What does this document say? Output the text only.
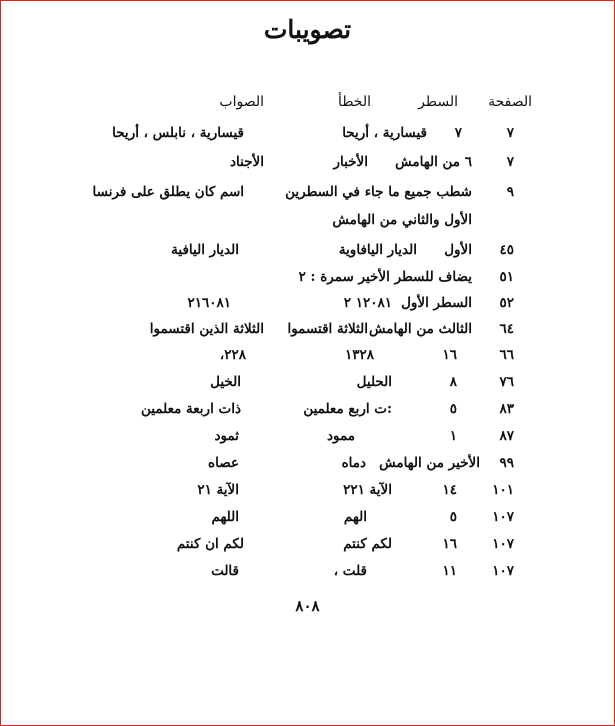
تصويبات
الصفحة
السطر
الخطأ
الصواب
٧
٧
قيسارية ، أريحا
قيسارية ، نابلس ، أريحا
٧
٦ من الهامش
الأخبار
الأجناد
٩
شطب جميع ما جاء في السطرين
الأول والثاني من الهامش
اسم كان يطلق على فرنسا
٤٥
الأول
الديار اليافاوية
الديار اليافية
٥١
يضاف للسطر الأخير سمرة : ٢
٥٢
السطر الأول
١٢٠٨١ ٢
٢١٦٠٨١
٦٤
الثالث من الهامش
الثلاثة اقتسموا
الثلاثة الذين اقتسموا
٦٦
١٦
١٣٢٨
٢٢٨،
٧٦
٨
الحليل
الخيل
٨٣
٥
:ت اربع معلمين
ذات اربعة معلمين
٨٧
١
ممود
ثمود
٩٩
الأخير من الهامش
دماه
عصاه
١٠١
١٤
الآية ٢٢١
الآية ٢١
١٠٧
٥
الهم
اللهم
١٠٧
١٦
لكم كنتم
لكم ان كنتم
١٠٧
١١
قلت ،
قالت
٨٠٨
